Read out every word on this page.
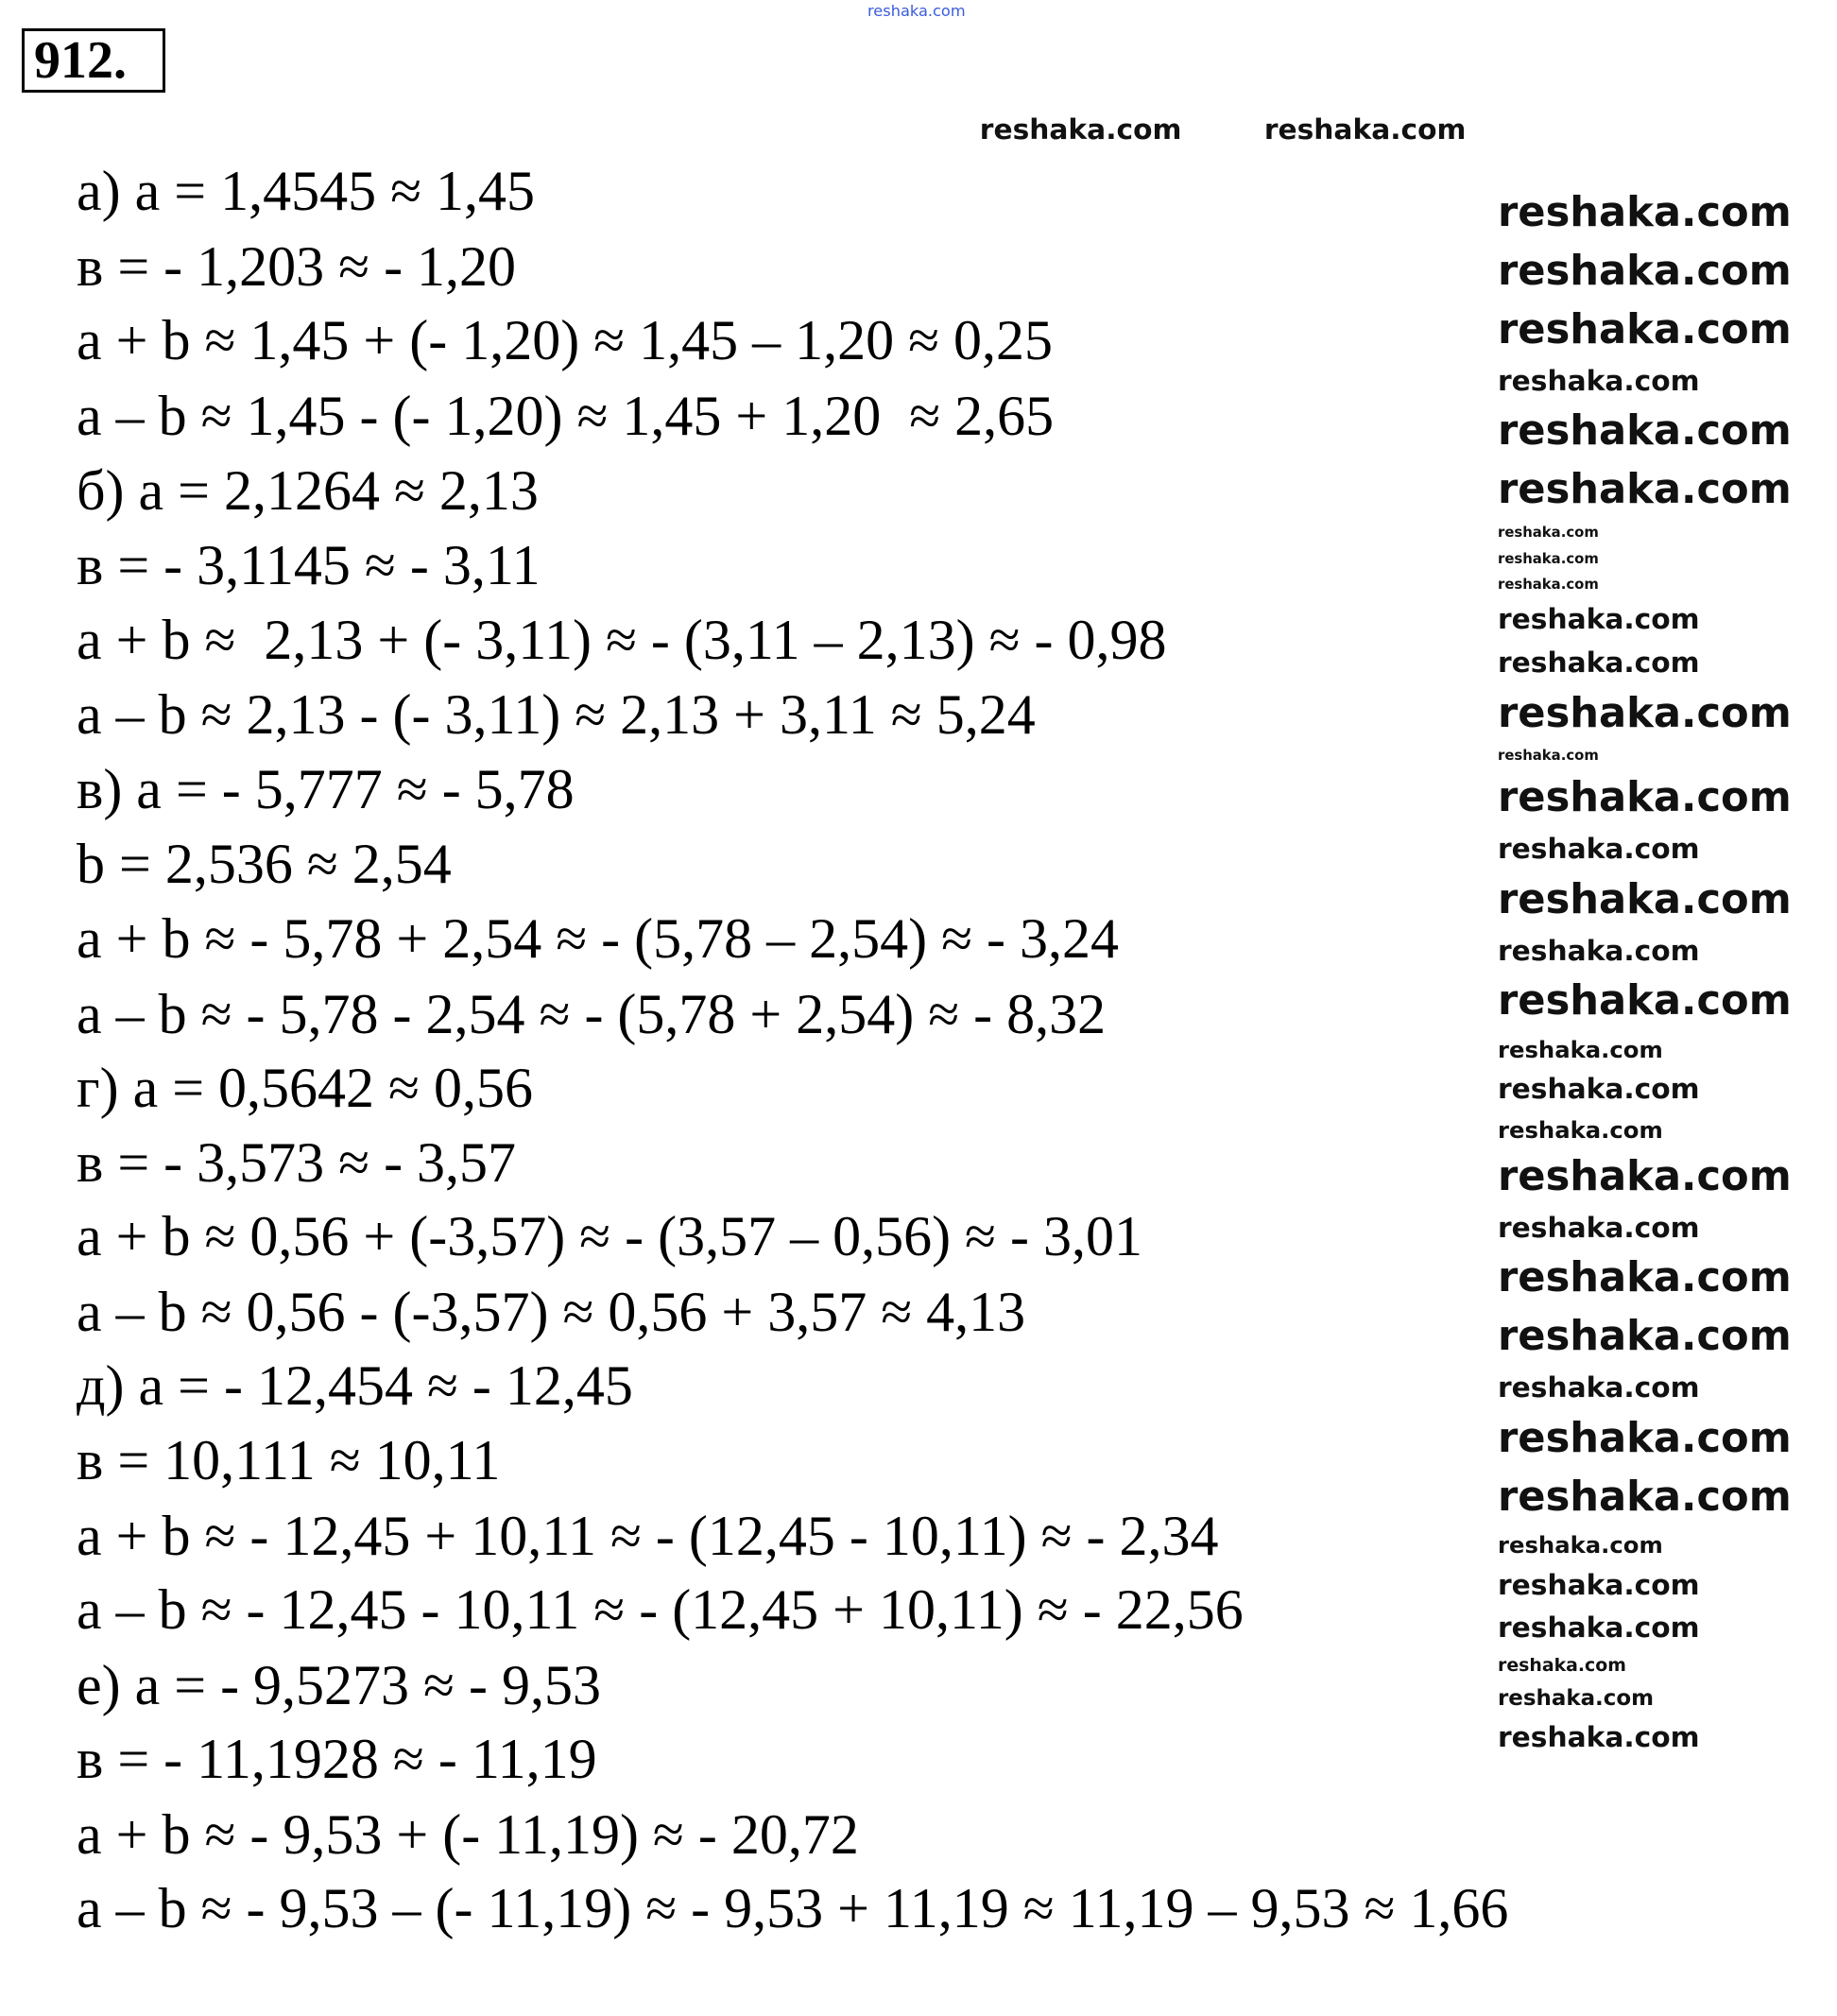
912.
а) a = 1,4545 ≈ 1,45
в = - 1,203 ≈ - 1,20
a + b ≈ 1,45 + (- 1,20) ≈ 1,45 – 1,20 ≈ 0,25
a – b ≈ 1,45 - (- 1,20) ≈ 1,45 + 1,20  ≈ 2,65
б) a = 2,1264 ≈ 2,13
в = - 3,1145 ≈ - 3,11
a + b ≈  2,13 + (- 3,11) ≈ - (3,11 – 2,13) ≈ - 0,98
a – b ≈ 2,13 - (- 3,11) ≈ 2,13 + 3,11 ≈ 5,24
в) a = - 5,777 ≈ - 5,78
b = 2,536 ≈ 2,54
a + b ≈ - 5,78 + 2,54 ≈ - (5,78 – 2,54) ≈ - 3,24
a – b ≈ - 5,78 - 2,54 ≈ - (5,78 + 2,54) ≈ - 8,32
г) a = 0,5642 ≈ 0,56
в = - 3,573 ≈ - 3,57
a + b ≈ 0,56 + (-3,57) ≈ - (3,57 – 0,56) ≈ - 3,01
a – b ≈ 0,56 - (-3,57) ≈ 0,56 + 3,57 ≈ 4,13
д) a = - 12,454 ≈ - 12,45
в = 10,111 ≈ 10,11
a + b ≈ - 12,45 + 10,11 ≈ - (12,45 - 10,11) ≈ - 2,34
a – b ≈ - 12,45 - 10,11 ≈ - (12,45 + 10,11) ≈ - 22,56
е) a = - 9,5273 ≈ - 9,53
в = - 11,1928 ≈ - 11,19
a + b ≈ - 9,53 + (- 11,19) ≈ - 20,72
a – b ≈ - 9,53 – (- 11,19) ≈ - 9,53 + 11,19 ≈ 11,19 – 9,53 ≈ 1,66
reshaka.com
reshaka.com	reshaka.com
reshaka.com
reshaka.com
reshaka.com
reshaka.com
reshaka.com
reshaka.com
reshaka.com
reshaka.com
reshaka.com
reshaka.com
reshaka.com
reshaka.com
reshaka.com
reshaka.com
reshaka.com
reshaka.com
reshaka.com
reshaka.com
reshaka.com
reshaka.com
reshaka.com
reshaka.com
reshaka.com
reshaka.com
reshaka.com
reshaka.com
reshaka.com
reshaka.com
reshaka.com
reshaka.com
reshaka.com
reshaka.com
reshaka.com
reshaka.com
